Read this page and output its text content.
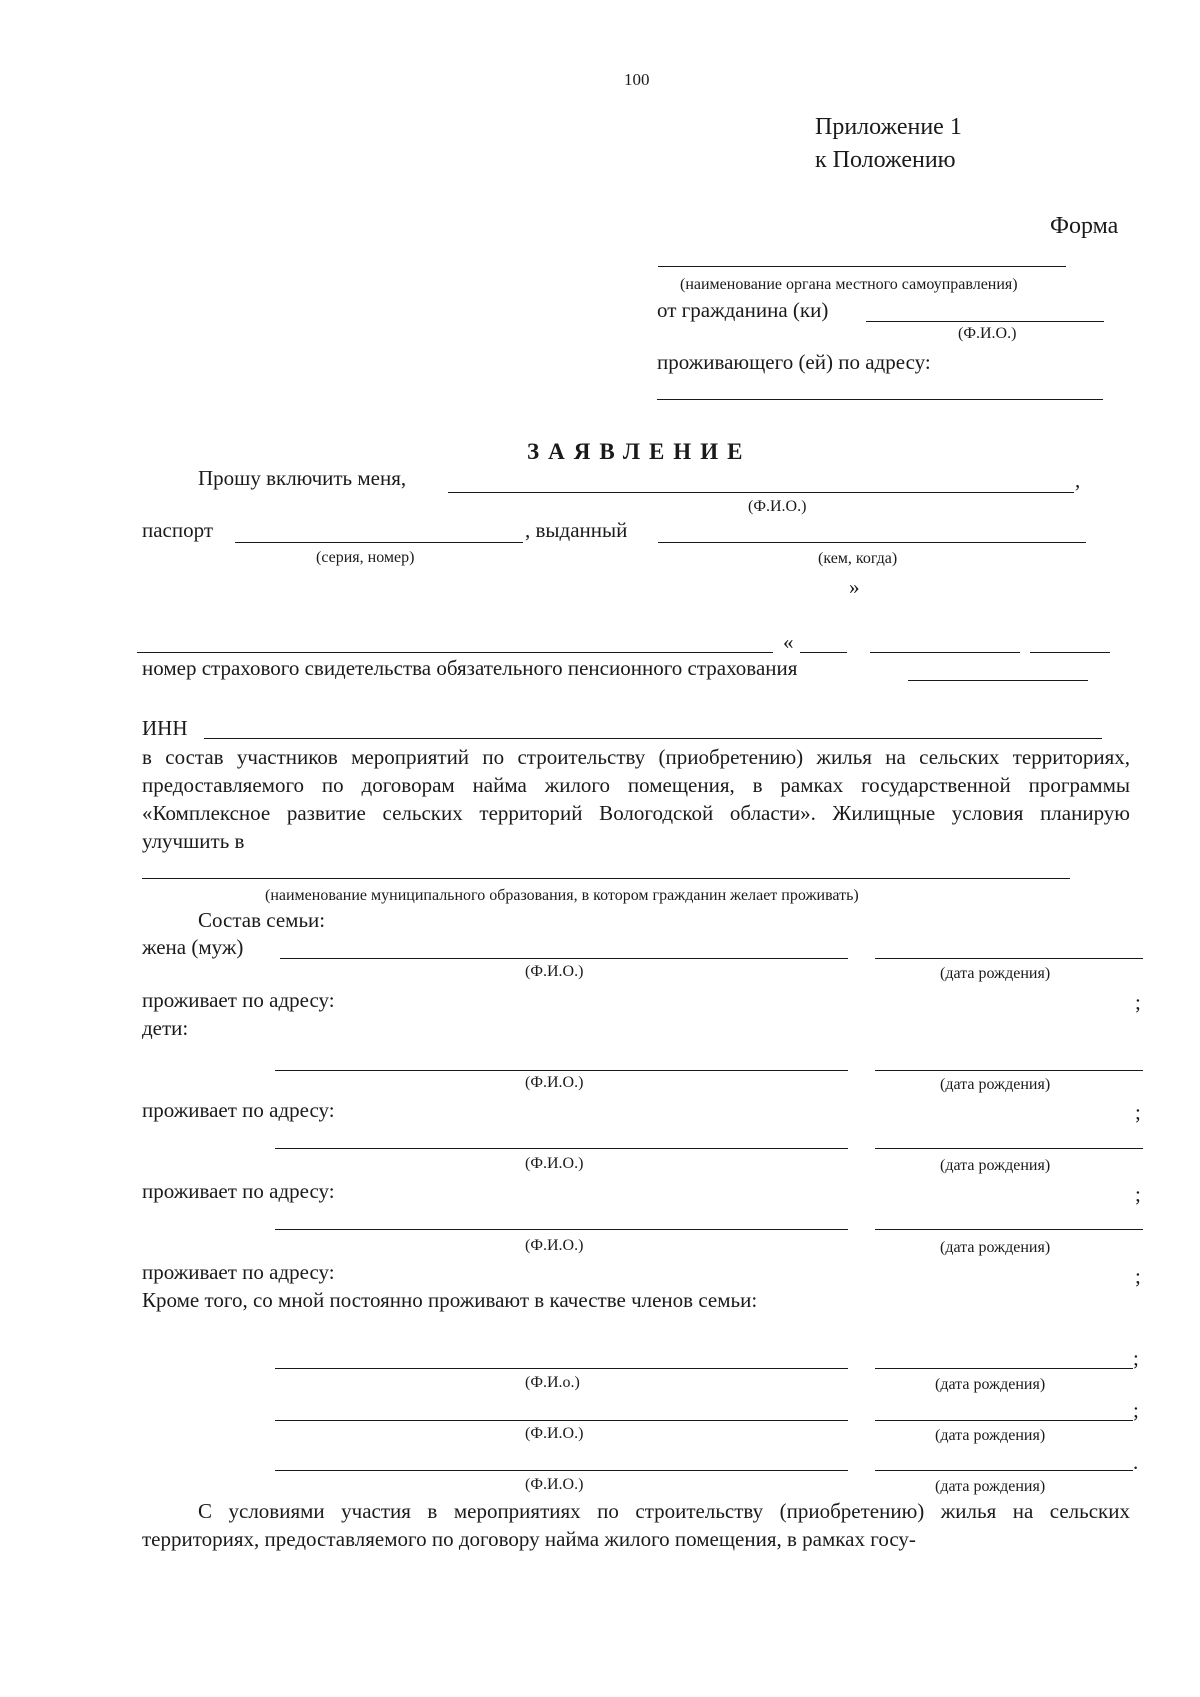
100
Приложение 1
к Положению
Форма
(наименование органа местного самоуправления)
от гражданина (ки)
(Ф.И.О.)
проживающего (ей) по адресу:
ЗАЯВЛЕНИЕ
Прошу включить меня,	,
(Ф.И.О.)
паспорт	, выданный
(серия, номер)	(кем, когда)
»
«
номер страхового свидетельства обязательного пенсионного страхования
ИНН
в состав участников мероприятий по строительству (приобретению) жилья на сельских территориях, предоставляемого по договорам найма жилого помещения, в рамках государственной программы «Комплексное развитие сельских территорий Вологодской области». Жилищные условия планирую улучшить в
(наименование муниципального образования, в котором гражданин желает проживать)
Состав семьи:
жена (муж)
(Ф.И.О.)	(дата рождения)
проживает по адресу:	;
дети:
(Ф.И.О.)	(дата рождения)
проживает по адресу:	;
(Ф.И.О.)	(дата рождения)
проживает по адресу:	;
(Ф.И.О.)	(дата рождения)
проживает по адресу:	;
Кроме того, со мной постоянно проживают в качестве членов семьи:
;
(Ф.И.о.)	(дата рождения)
;
(Ф.И.О.)	(дата рождения)
.
(Ф.И.О.)	(дата рождения)
С условиями участия в мероприятиях по строительству (приобретению) жилья на сельских территориях, предоставляемого по договору найма жилого помещения, в рамках госу-
